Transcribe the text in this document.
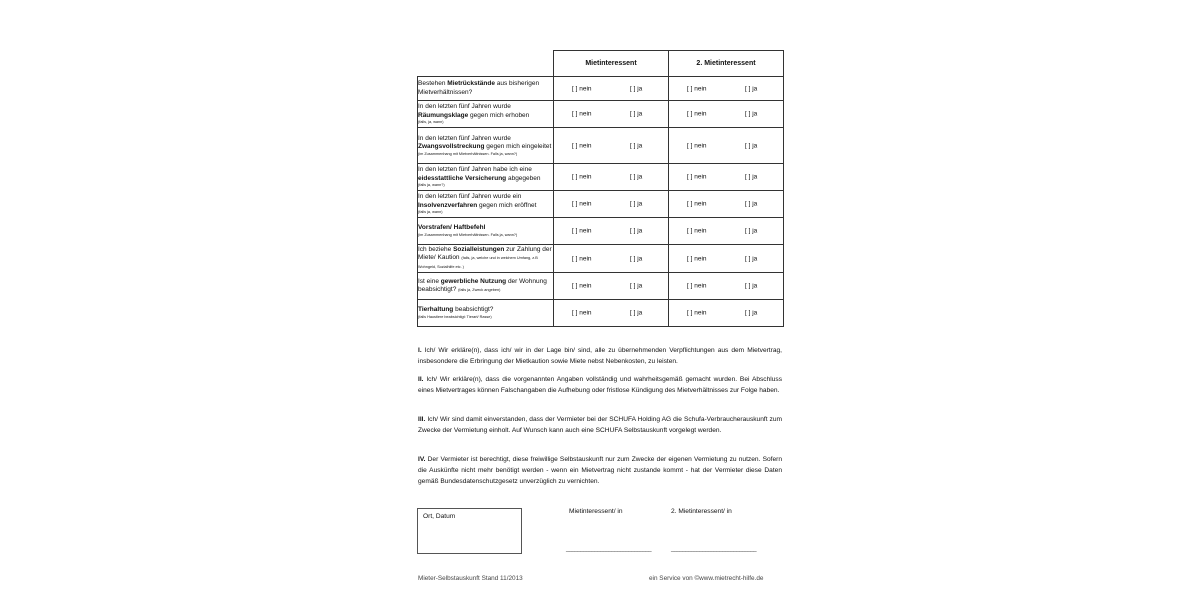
	Mietinteressent	2. Mietinteressent
Bestehen Mietrückstände aus bisherigen Mietverhältnissen?	[ ] nein [ ] ja	[ ] nein [ ] ja

In den letzten fünf Jahren wurde Räumungsklage gegen mich erhoben
(falls, ja, wann)	[ ] nein [ ] ja	[ ] nein [ ] ja

In den letzten fünf Jahren wurde Zwangsvollstreckung gegen mich eingeleitet
(im Zusammenhang mit Mietverhältnissen. Falls ja, wann?)	[ ] nein [ ] ja	[ ] nein [ ] ja

In den letzten fünf Jahren habe ich eine eidesstattliche Versicherung abgegeben
(falls ja, wann?)	[ ] nein [ ] ja	[ ] nein [ ] ja

In den letzten fünf Jahren wurde ein Insolvenzverfahren gegen mich eröffnet
(falls ja, wann)	[ ] nein [ ] ja	[ ] nein [ ] ja

Vorstrafen/ Haftbefehl
(im Zusammenhang mit Mietverhältnissen. Falls ja, wann?)	[ ] nein [ ] ja	[ ] nein [ ] ja

Ich beziehe Sozialleistungen zur Zahlung der Miete/ Kaution (falls, ja, welche und in welchem Umfang, z.B Wohngeld, Sozialhilfe etc. )	[ ] nein [ ] ja	[ ] nein [ ] ja

Ist eine gewerbliche Nutzung der Wohnung beabsichtigt? (falls ja, Zweck angeben)	[ ] nein [ ] ja	[ ] nein [ ] ja

Tierhaltung beabsichtigt?
(falls Haustiere beabsichtigt: Tierart/ Rasse)	[ ] nein [ ] ja	[ ] nein [ ] ja

I. Ich/ Wir erkläre(n), dass ich/ wir in der Lage bin/ sind, alle zu übernehmenden Verpflichtungen aus dem Mietvertrag, insbesondere die Erbringung der Mietkaution sowie Miete nebst Nebenkosten, zu leisten.

II. Ich/ Wir erkläre(n), dass die vorgenannten Angaben vollständig und wahrheitsgemäß gemacht wurden. Bei Abschluss eines Mietvertrages können Falschangaben die Aufhebung oder fristlose Kündigung des Mietverhältnisses zur Folge haben.

III. Ich/ Wir sind damit einverstanden, dass der Vermieter bei der SCHUFA Holding AG die Schufa-Verbraucherauskunft zum Zwecke der Vermietung einholt. Auf Wunsch kann auch eine SCHUFA Selbstauskunft vorgelegt werden.

IV. Der Vermieter ist berechtigt, diese freiwillige Selbstauskunft nur zum Zwecke der eigenen Vermietung zu nutzen. Sofern die Auskünfte nicht mehr benötigt werden - wenn ein Mietvertrag nicht zustande kommt - hat der Vermieter diese Daten gemäß Bundesdatenschutzgesetz unverzüglich zu vernichten.

Ort, Datum
Mietinteressent/ in	2. Mietinteressent/ in
______________________________	______________________________
Mieter-Selbstauskunft Stand 11/2013	ein Service von ©www.mietrecht-hilfe.de
